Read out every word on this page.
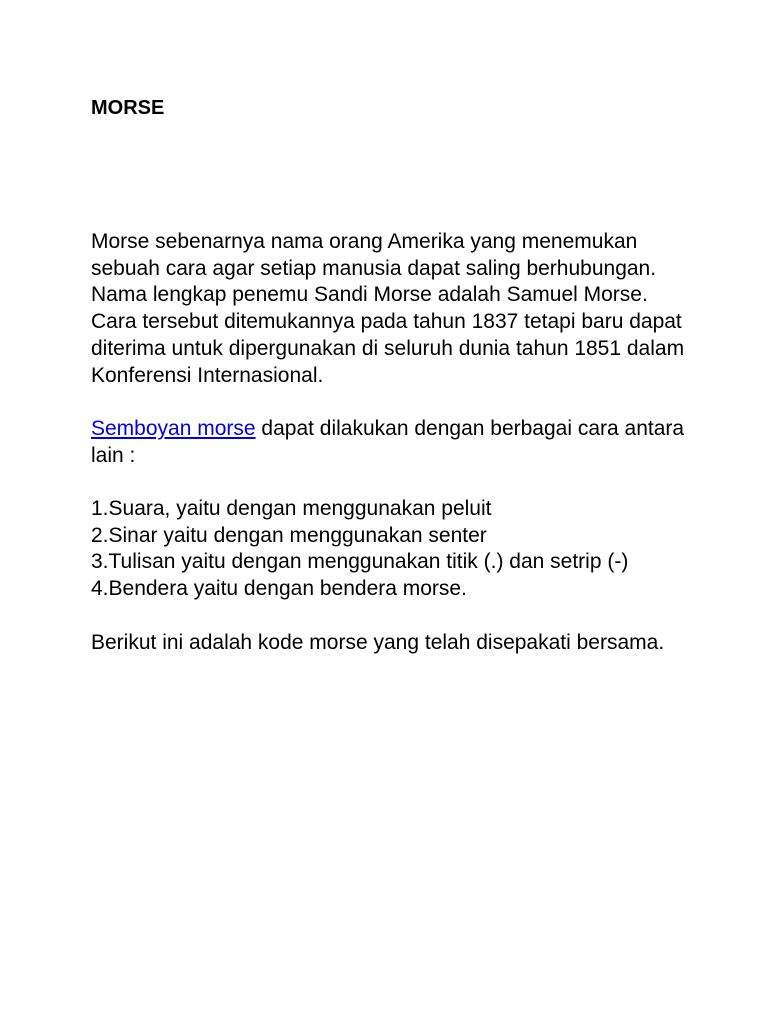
MORSE

Morse sebenarnya nama orang Amerika yang menemukan sebuah cara agar setiap manusia dapat saling berhubungan. Nama lengkap penemu Sandi Morse adalah Samuel Morse. Cara tersebut ditemukannya pada tahun 1837 tetapi baru dapat diterima untuk dipergunakan di seluruh dunia tahun 1851 dalam Konferensi Internasional.

Semboyan morse dapat dilakukan dengan berbagai cara antara lain :

1.Suara, yaitu dengan menggunakan peluit

2.Sinar yaitu dengan menggunakan senter

3.Tulisan yaitu dengan menggunakan titik (.) dan setrip (-)

4.Bendera yaitu dengan bendera morse.

Berikut ini adalah kode morse yang telah disepakati bersama.
